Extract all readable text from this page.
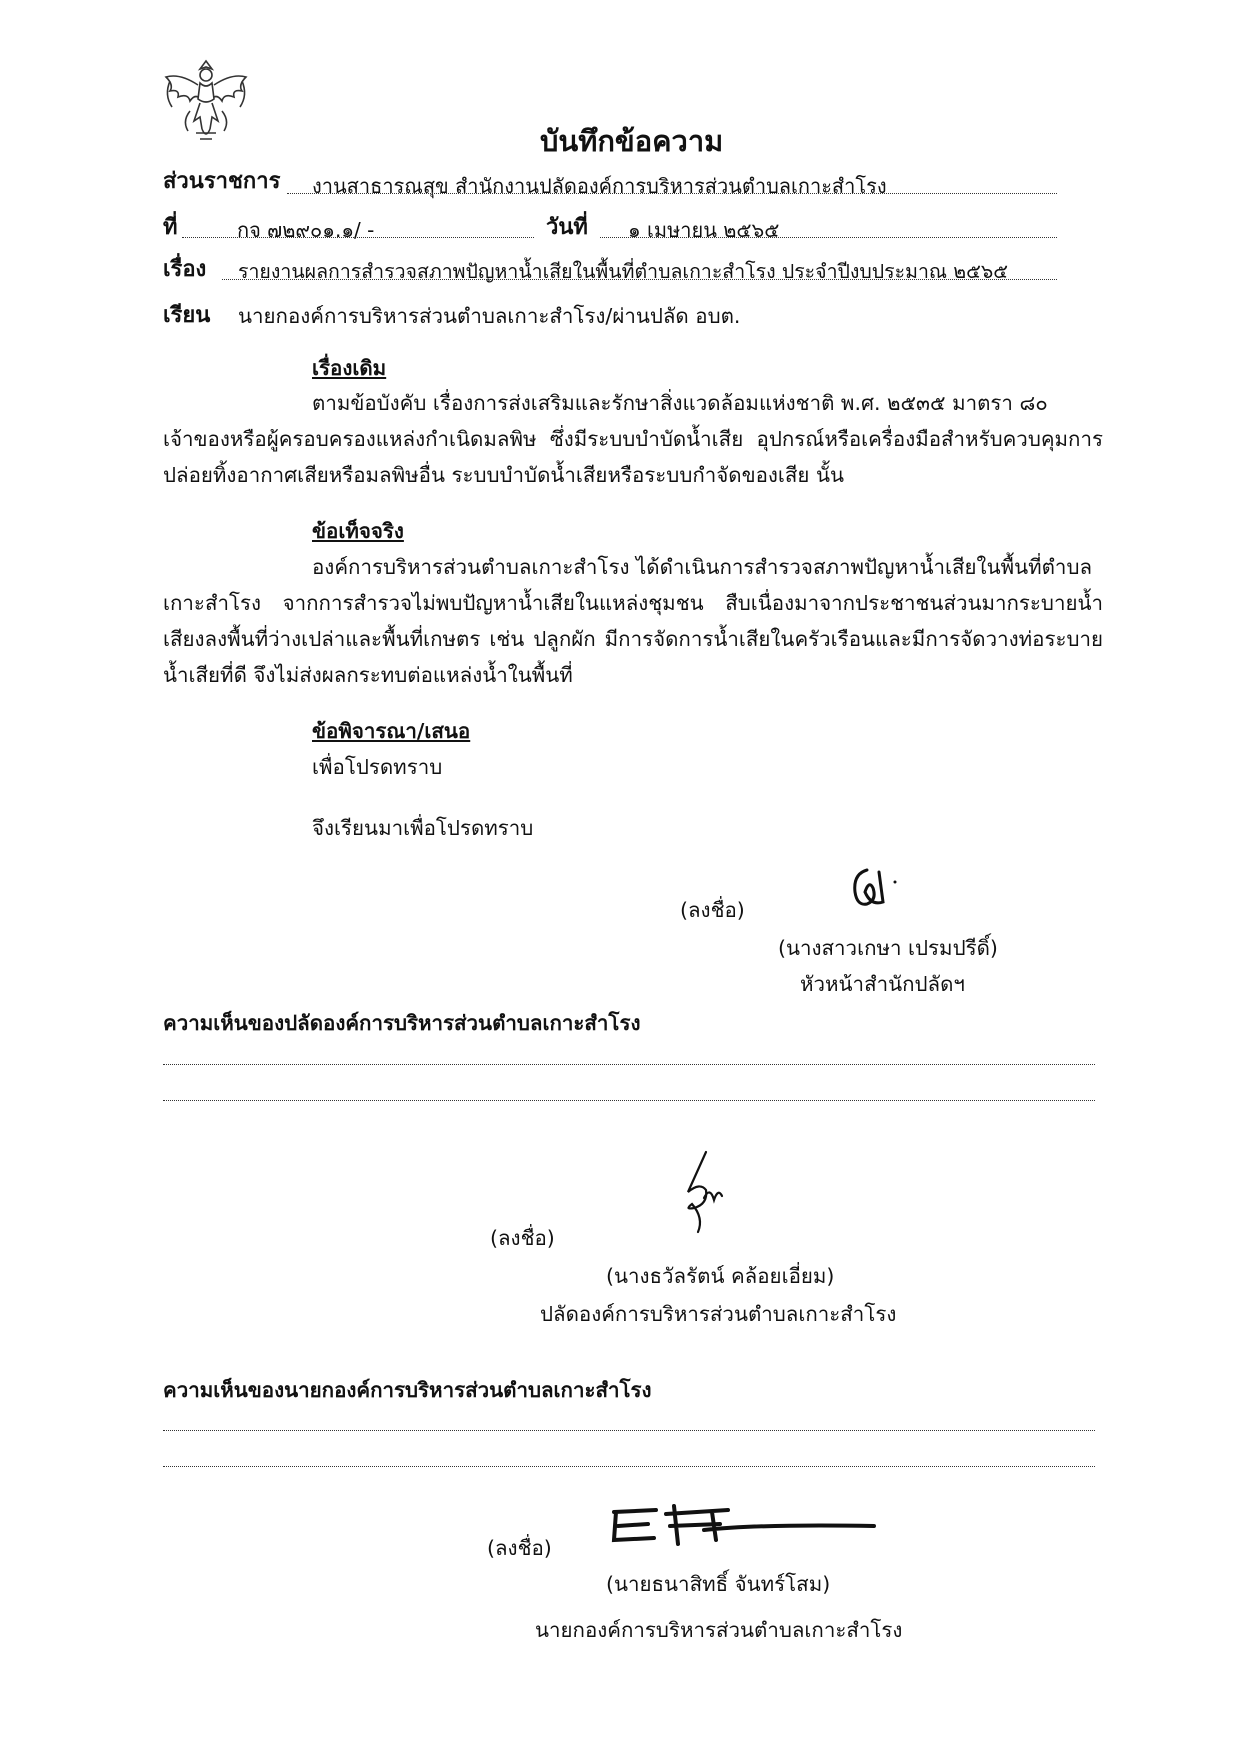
บันทึกข้อความ
ส่วนราชการ งานสาธารณสุข สำนักงานปลัดองค์การบริหารส่วนตำบลเกาะสำโรง
ที่	กจ ๗๒๙๐๑.๑/ -	วันที่ ๑ เมษายน ๒๕๖๕
เรื่อง รายงานผลการสำรวจสภาพปัญหาน้ำเสียในพื้นที่ตำบลเกาะสำโรง ประจำปีงบประมาณ ๒๕๖๕
เรียน นายกองค์การบริหารส่วนตำบลเกาะสำโรง/ผ่านปลัด อบต.
เรื่องเดิม
ตามข้อบังคับ เรื่องการส่งเสริมและรักษาสิ่งแวดล้อมแห่งชาติ พ.ศ. ๒๕๓๕ มาตรา ๘๐
เจ้าของหรือผู้ครอบครองแหล่งกำเนิดมลพิษ ซึ่งมีระบบบำบัดน้ำเสีย อุปกรณ์หรือเครื่องมือสำหรับควบคุมการปล่อยทิ้งอากาศเสียหรือมลพิษอื่น ระบบบำบัดน้ำเสียหรือระบบกำจัดของเสีย นั้น
ข้อเท็จจริง
องค์การบริหารส่วนตำบลเกาะสำโรง ได้ดำเนินการสำรวจสภาพปัญหาน้ำเสียในพื้นที่ตำบล
เกาะสำโรง จากการสำรวจไม่พบปัญหาน้ำเสียในแหล่งชุมชน สืบเนื่องมาจากประชาชนส่วนมากระบายน้ำเสียงลงพื้นที่ว่างเปล่าและพื้นที่เกษตร เช่น ปลูกผัก มีการจัดการน้ำเสียในครัวเรือนและมีการจัดวางท่อระบายน้ำเสียที่ดี จึงไม่ส่งผลกระทบต่อแหล่งน้ำในพื้นที่
ข้อพิจารณา/เสนอ
เพื่อโปรดทราบ
จึงเรียนมาเพื่อโปรดทราบ
(ลงชื่อ)
(นางสาวเกษา เปรมปรีดิ์)
หัวหน้าสำนักปลัดฯ
ความเห็นของปลัดองค์การบริหารส่วนตำบลเกาะสำโรง
(ลงชื่อ)
(นางธวัลรัตน์ คล้อยเอี่ยม)
ปลัดองค์การบริหารส่วนตำบลเกาะสำโรง
ความเห็นของนายกองค์การบริหารส่วนตำบลเกาะสำโรง
(ลงชื่อ)
(นายธนาสิทธิ์ จันทร์โสม)
นายกองค์การบริหารส่วนตำบลเกาะสำโรง
